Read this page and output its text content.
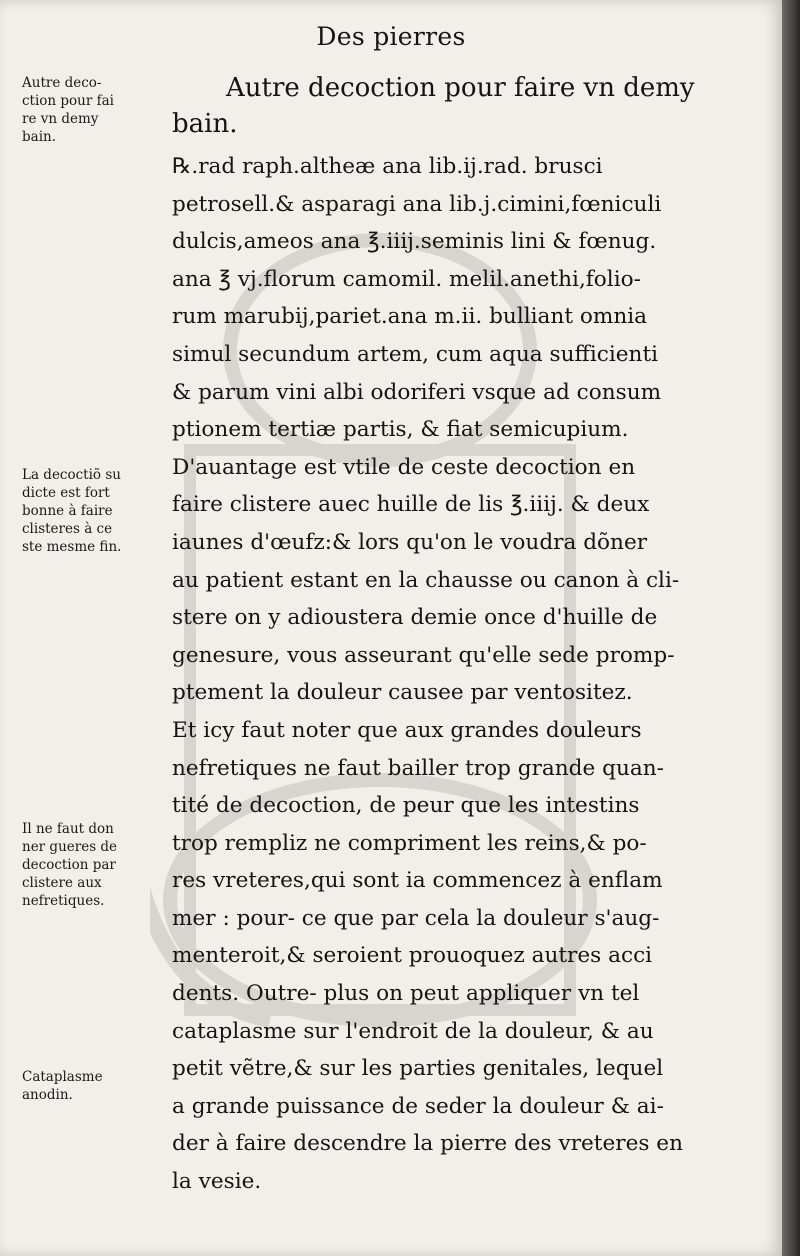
Des pierres
Autre decoction pour faire vn demy
bain.
℞.rad raph.altheæ ana lib.ij.rad. brusci
petrosell.& asparagi ana lib.j.cimini,fœniculi
dulcis,ameos ana ℥.iiij.seminis lini & fœnug.
ana ℥ vj.florum camomil. melil.anethi,folio-
rum marubij,pariet.ana m.ii. bulliant omnia
simul secundum artem, cum aqua sufficienti
& parum vini albi odoriferi vsque ad consum
ptionem tertiæ partis, & fiat semicupium.
D'auantage est vtile de ceste decoction en
faire clistere auec huille de lis ℥.iiij. & deux
iaunes d'œufz:& lors qu'on le voudra dõner
au patient estant en la chausse ou canon à cli-
stere on y adioustera demie once d'huille de
genesure, vous asseurant qu'elle sede promp-
ptement la douleur causee par ventositez.
Et icy faut noter que aux grandes douleurs
nefretiques ne faut bailler trop grande quan-
tité de decoction, de peur que les intestins
trop rempliz ne compriment les reins,& po-
res vreteres,qui sont ia commencez à enflam
mer : pour- ce que par cela la douleur s'aug-
menteroit,& seroient prouoquez autres acci
dents. Outre- plus on peut appliquer vn tel
cataplasme sur l'endroit de la douleur, & au
petit vẽtre,& sur les parties genitales, lequel
a grande puissance de seder la douleur & ai-
der à faire descendre la pierre des vreteres en
la vesie.
Autre deco-
ction pour fai
re vn demy
bain.
La decoctiõ su
dicte est fort
bonne à faire
clisteres à ce
ste mesme fin.
Il ne faut don
ner gueres de
decoction par
clistere aux
nefretiques.
Cataplasme
anodin.
